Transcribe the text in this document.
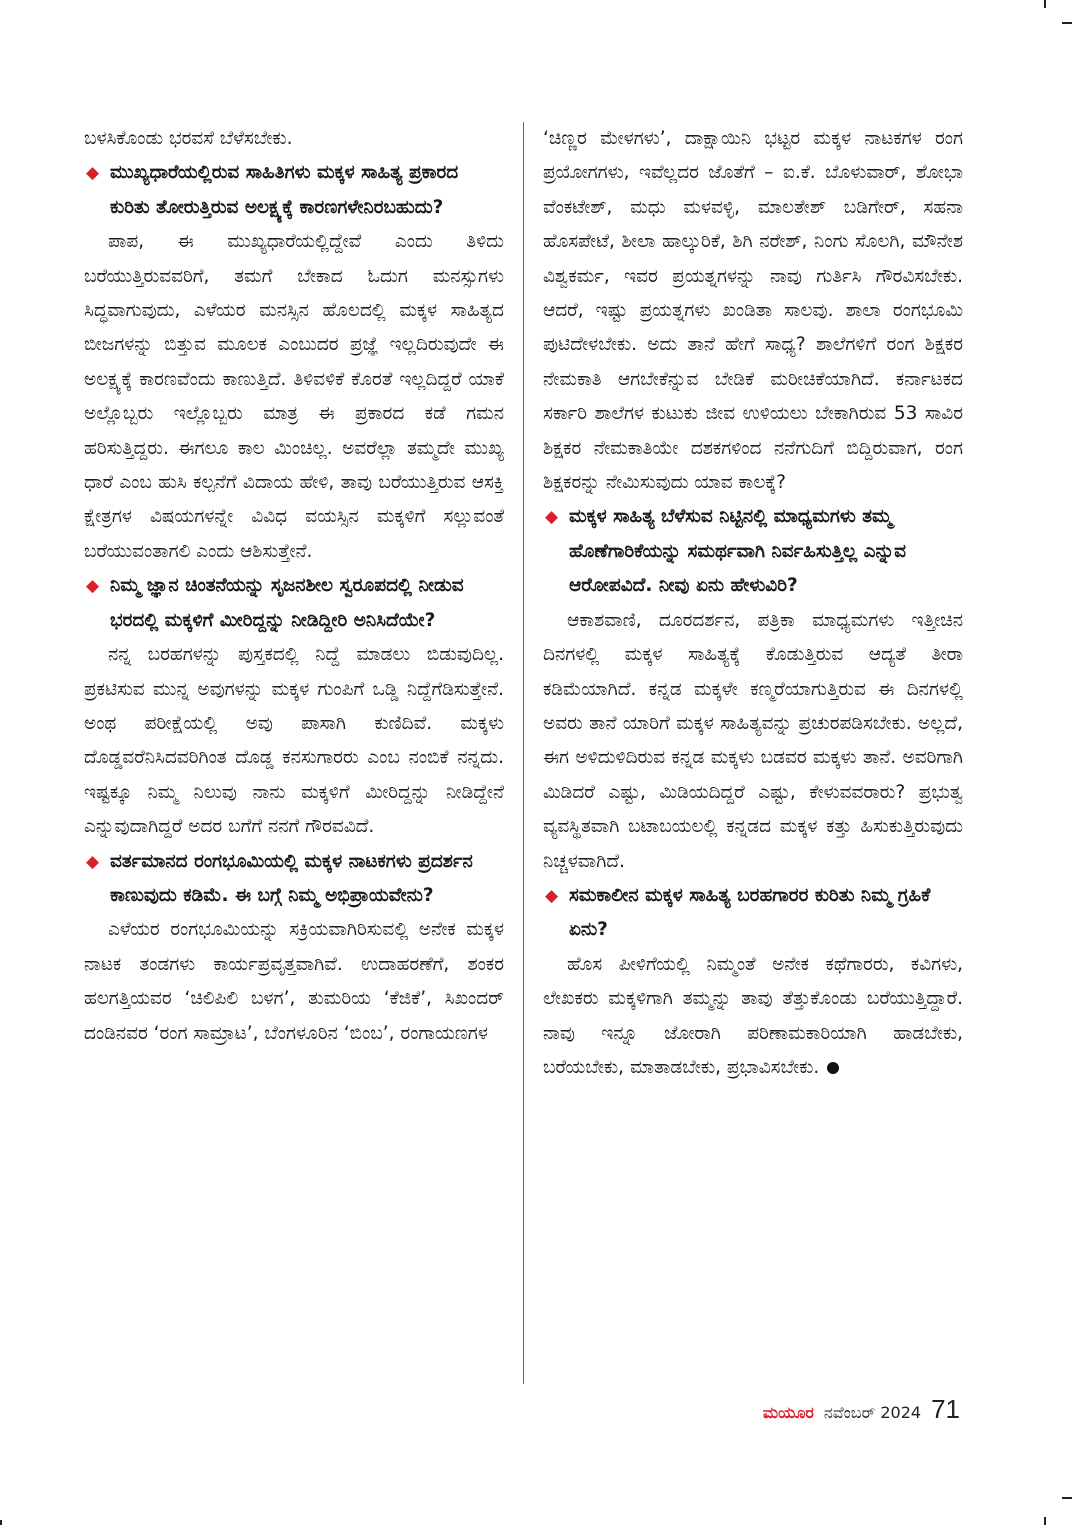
ಬಳಸಿಕೊಂಡು ಭರವಸೆ ಬೆಳೆಸಬೇಕು.

◆ ಮುಖ್ಯಧಾರೆಯಲ್ಲಿರುವ ಸಾಹಿತಿಗಳು ಮಕ್ಕಳ ಸಾಹಿತ್ಯ ಪ್ರಕಾರದ ಕುರಿತು ತೋರುತ್ತಿರುವ ಅಲಕ್ಷ್ಯಕ್ಕೆ ಕಾರಣಗಳೇನಿರಬಹುದು?

ಪಾಪ, ಈ ಮುಖ್ಯಧಾರೆಯಲ್ಲಿದ್ದೇವೆ ಎಂದು ತಿಳಿದು ಬರೆಯುತ್ತಿರುವವರಿಗೆ, ತಮಗೆ ಬೇಕಾದ ಓದುಗ ಮನಸ್ಸುಗಳು ಸಿದ್ಧವಾಗುವುದು, ಎಳೆಯರ ಮನಸ್ಸಿನ ಹೊಲದಲ್ಲಿ ಮಕ್ಕಳ ಸಾಹಿತ್ಯದ ಬೀಜಗಳನ್ನು ಬಿತ್ತುವ ಮೂಲಕ ಎಂಬುದರ ಪ್ರಜ್ಞೆ ಇಲ್ಲದಿರುವುದೇ ಈ ಅಲಕ್ಷ್ಯಕ್ಕೆ ಕಾರಣವೆಂದು ಕಾಣುತ್ತಿದೆ. ತಿಳಿವಳಿಕೆ ಕೊರತೆ ಇಲ್ಲದಿದ್ದರೆ ಯಾಕೆ ಅಲ್ಲೊಬ್ಬರು ಇಲ್ಲೊಬ್ಬರು ಮಾತ್ರ ಈ ಪ್ರಕಾರದ ಕಡೆ ಗಮನ ಹರಿಸುತ್ತಿದ್ದರು. ಈಗಲೂ ಕಾಲ ಮಿಂಚಿಲ್ಲ. ಅವರೆಲ್ಲಾ ತಮ್ಮದೇ ಮುಖ್ಯ ಧಾರೆ ಎಂಬ ಹುಸಿ ಕಲ್ಪನೆಗೆ ವಿದಾಯ ಹೇಳಿ, ತಾವು ಬರೆಯುತ್ತಿರುವ ಆಸಕ್ತಿ ಕ್ಷೇತ್ರಗಳ ವಿಷಯಗಳನ್ನೇ ವಿವಿಧ ವಯಸ್ಸಿನ ಮಕ್ಕಳಿಗೆ ಸಲ್ಲುವಂತೆ ಬರೆಯುವಂತಾಗಲಿ ಎಂದು ಆಶಿಸುತ್ತೇನೆ.

◆ ನಿಮ್ಮ ಜ್ಞಾನ ಚಿಂತನೆಯನ್ನು ಸೃಜನಶೀಲ ಸ್ವರೂಪದಲ್ಲಿ ನೀಡುವ ಭರದಲ್ಲಿ ಮಕ್ಕಳಿಗೆ ಮೀರಿದ್ದನ್ನು ನೀಡಿದ್ದೀರಿ ಅನಿಸಿದೆಯೇ?

ನನ್ನ ಬರಹಗಳನ್ನು ಪುಸ್ತಕದಲ್ಲಿ ನಿದ್ದೆ ಮಾಡಲು ಬಿಡುವುದಿಲ್ಲ. ಪ್ರಕಟಿಸುವ ಮುನ್ನ ಅವುಗಳನ್ನು ಮಕ್ಕಳ ಗುಂಪಿಗೆ ಒಡ್ಡಿ ನಿದ್ದೆಗೆಡಿಸುತ್ತೇನೆ. ಅಂಥ ಪರೀಕ್ಷೆಯಲ್ಲಿ ಅವು ಪಾಸಾಗಿ ಕುಣಿದಿವೆ. ಮಕ್ಕಳು ದೊಡ್ಡವರೆನಿಸಿದವರಿಗಿಂತ ದೊಡ್ಡ ಕನಸುಗಾರರು ಎಂಬ ನಂಬಿಕೆ ನನ್ನದು. ಇಷ್ಟಕ್ಕೂ ನಿಮ್ಮ ನಿಲುವು ನಾನು ಮಕ್ಕಳಿಗೆ ಮೀರಿದ್ದನ್ನು ನೀಡಿದ್ದೇನೆ ಎನ್ನುವುದಾಗಿದ್ದರೆ ಅದರ ಬಗೆಗೆ ನನಗೆ ಗೌರವವಿದೆ.

◆ ವರ್ತಮಾನದ ರಂಗಭೂಮಿಯಲ್ಲಿ ಮಕ್ಕಳ ನಾಟಕಗಳು ಪ್ರದರ್ಶನ ಕಾಣುವುದು ಕಡಿಮೆ. ಈ ಬಗ್ಗೆ ನಿಮ್ಮ ಅಭಿಪ್ರಾಯವೇನು?

ಎಳೆಯರ ರಂಗಭೂಮಿಯನ್ನು ಸಕ್ರಿಯವಾಗಿರಿಸುವಲ್ಲಿ ಅನೇಕ ಮಕ್ಕಳ ನಾಟಕ ತಂಡಗಳು ಕಾರ್ಯಪ್ರವೃತ್ತವಾಗಿವೆ. ಉದಾಹರಣೆಗೆ, ಶಂಕರ ಹಲಗತ್ತಿಯವರ ‘ಚಿಲಿಪಿಲಿ ಬಳಗ’, ತುಮರಿಯ ‘ಕೆಜಿಕೆ’, ಸಿಖಂದರ್ ದಂಡಿನವರ ‘ರಂಗ ಸಾಮ್ರಾಟ’, ಬೆಂಗಳೂರಿನ ‘ಬಿಂಬ’, ರಂಗಾಯಣಗಳ

‘ಚಿಣ್ಣರ ಮೇಳಗಳು’, ದಾಕ್ಷಾಯಿನಿ ಭಟ್ಟರ ಮಕ್ಕಳ ನಾಟಕಗಳ ರಂಗ ಪ್ರಯೋಗಗಳು, ಇವೆಲ್ಲದರ ಜೊತೆಗೆ – ಐ.ಕೆ. ಬೊಳುವಾರ್, ಶೋಭಾ ವೆಂಕಟೇಶ್, ಮಧು ಮಳವಳ್ಳಿ, ಮಾಲತೇಶ್ ಬಡಿಗೇರ್, ಸಹನಾ ಹೊಸಪೇಟೆ, ಶೀಲಾ ಹಾಲ್ಕುರಿಕೆ, ಶಿಗಿ ನರೇಶ್, ನಿಂಗು ಸೊಲಗಿ, ಮೌನೇಶ ವಿಶ್ವಕರ್ಮ, ಇವರ ಪ್ರಯತ್ನಗಳನ್ನು ನಾವು ಗುರ್ತಿಸಿ ಗೌರವಿಸಬೇಕು. ಆದರೆ, ಇಷ್ಟು ಪ್ರಯತ್ನಗಳು ಖಂಡಿತಾ ಸಾಲವು. ಶಾಲಾ ರಂಗಭೂಮಿ ಪುಟಿದೇಳಬೇಕು. ಅದು ತಾನೆ ಹೇಗೆ ಸಾಧ್ಯ? ಶಾಲೆಗಳಿಗೆ ರಂಗ ಶಿಕ್ಷಕರ ನೇಮಕಾತಿ ಆಗಬೇಕೆನ್ನುವ ಬೇಡಿಕೆ ಮರೀಚಿಕೆಯಾಗಿದೆ. ಕರ್ನಾಟಕದ ಸರ್ಕಾರಿ ಶಾಲೆಗಳ ಕುಟುಕು ಜೀವ ಉಳಿಯಲು ಬೇಕಾಗಿರುವ 53 ಸಾವಿರ ಶಿಕ್ಷಕರ ನೇಮಕಾತಿಯೇ ದಶಕಗಳಿಂದ ನನೆಗುದಿಗೆ ಬಿದ್ದಿರುವಾಗ, ರಂಗ ಶಿಕ್ಷಕರನ್ನು ನೇಮಿಸುವುದು ಯಾವ ಕಾಲಕ್ಕೆ?

◆ ಮಕ್ಕಳ ಸಾಹಿತ್ಯ ಬೆಳೆಸುವ ನಿಟ್ಟಿನಲ್ಲಿ ಮಾಧ್ಯಮಗಳು ತಮ್ಮ ಹೊಣೆಗಾರಿಕೆಯನ್ನು ಸಮರ್ಥವಾಗಿ ನಿರ್ವಹಿಸುತ್ತಿಲ್ಲ ಎನ್ನುವ ಆರೋಪವಿದೆ. ನೀವು ಏನು ಹೇಳುವಿರಿ?

ಆಕಾಶವಾಣಿ, ದೂರದರ್ಶನ, ಪತ್ರಿಕಾ ಮಾಧ್ಯಮಗಳು ಇತ್ತೀಚಿನ ದಿನಗಳಲ್ಲಿ ಮಕ್ಕಳ ಸಾಹಿತ್ಯಕ್ಕೆ ಕೊಡುತ್ತಿರುವ ಆದ್ಯತೆ ತೀರಾ ಕಡಿಮೆಯಾಗಿದೆ. ಕನ್ನಡ ಮಕ್ಕಳೇ ಕಣ್ಮರೆಯಾಗುತ್ತಿರುವ ಈ ದಿನಗಳಲ್ಲಿ ಅವರು ತಾನೆ ಯಾರಿಗೆ ಮಕ್ಕಳ ಸಾಹಿತ್ಯವನ್ನು ಪ್ರಚುರಪಡಿಸಬೇಕು. ಅಲ್ಲದೆ, ಈಗ ಅಳಿದುಳಿದಿರುವ ಕನ್ನಡ ಮಕ್ಕಳು ಬಡವರ ಮಕ್ಕಳು ತಾನೆ. ಅವರಿಗಾಗಿ ಮಿಡಿದರೆ ಎಷ್ಟು, ಮಿಡಿಯದಿದ್ದರೆ ಎಷ್ಟು, ಕೇಳುವವರಾರು? ಪ್ರಭುತ್ವ ವ್ಯವಸ್ಥಿತವಾಗಿ ಬಟಾಬಯಲಲ್ಲಿ ಕನ್ನಡದ ಮಕ್ಕಳ ಕತ್ತು ಹಿಸುಕುತ್ತಿರುವುದು ನಿಚ್ಚಳವಾಗಿದೆ.

◆ ಸಮಕಾಲೀನ ಮಕ್ಕಳ ಸಾಹಿತ್ಯ ಬರಹಗಾರರ ಕುರಿತು ನಿಮ್ಮ ಗ್ರಹಿಕೆ ಏನು?

ಹೊಸ ಪೀಳಿಗೆಯಲ್ಲಿ ನಿಮ್ಮಂತೆ ಅನೇಕ ಕಥೆಗಾರರು, ಕವಿಗಳು, ಲೇಖಕರು ಮಕ್ಕಳಿಗಾಗಿ ತಮ್ಮನ್ನು ತಾವು ತೆತ್ತುಕೊಂಡು ಬರೆಯುತ್ತಿದ್ದಾರೆ. ನಾವು ಇನ್ನೂ ಜೋರಾಗಿ ಪರಿಣಾಮಕಾರಿಯಾಗಿ ಹಾಡಬೇಕು, ಬರೆಯಬೇಕು, ಮಾತಾಡಬೇಕು, ಪ್ರಭಾವಿಸಬೇಕು.

ಮಯೂರ ನವೆಂಬರ್ 2024 71
